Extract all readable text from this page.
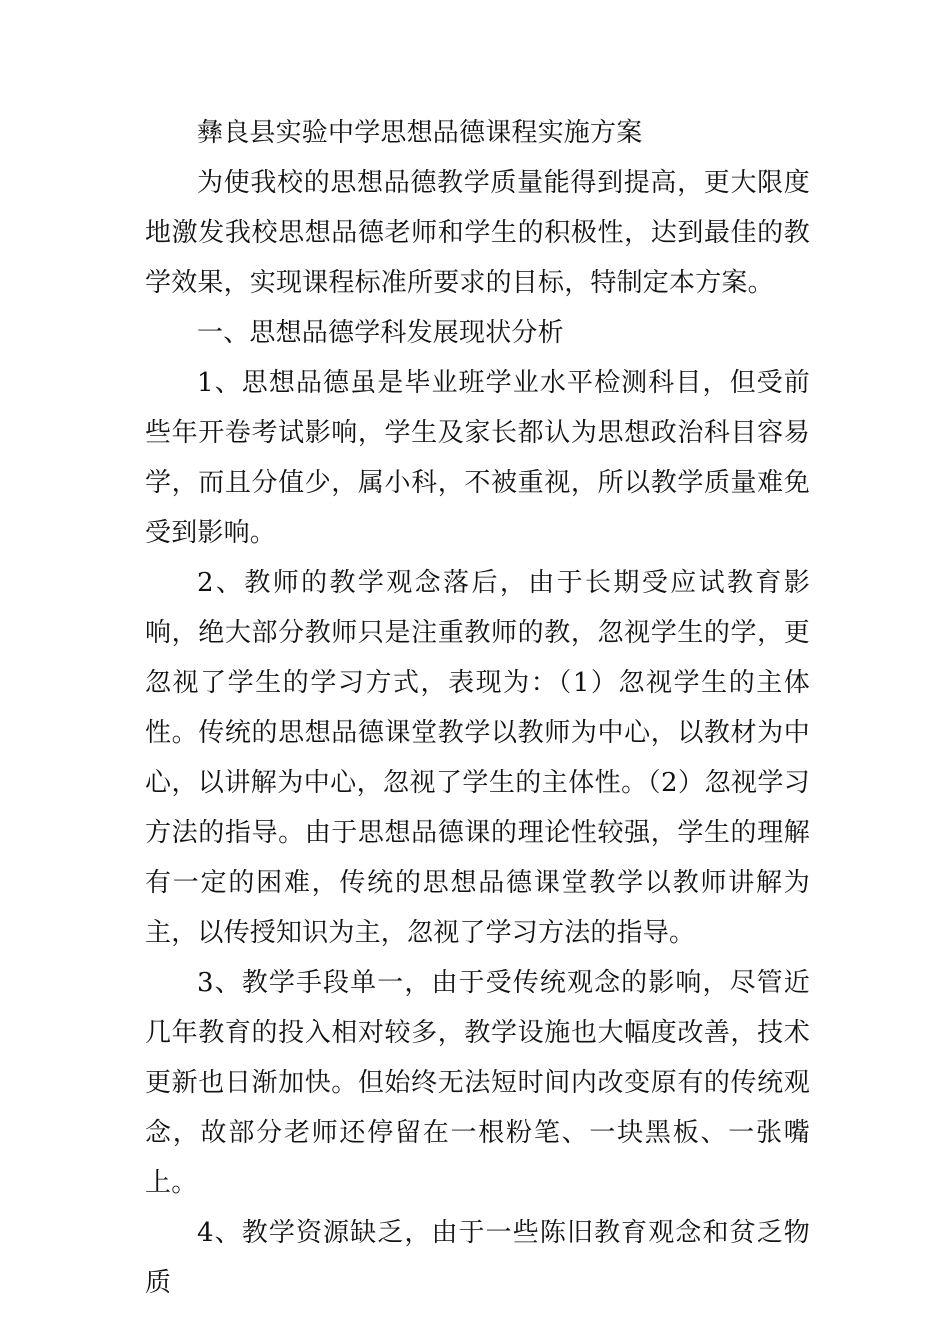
彝良县实验中学思想品德课程实施方案

为使我校的思想品德教学质量能得到提高，更大限度地激发我校思想品德老师和学生的积极性，达到最佳的教学效果，实现课程标准所要求的目标，特制定本方案。

一、思想品德学科发展现状分析

1、思想品德虽是毕业班学业水平检测科目，但受前些年开卷考试影响，学生及家长都认为思想政治科目容易学，而且分值少，属小科，不被重视，所以教学质量难免受到影响。

2、教师的教学观念落后，由于长期受应试教育影响，绝大部分教师只是注重教师的教，忽视学生的学，更忽视了学生的学习方式，表现为：（1）忽视学生的主体性。传统的思想品德课堂教学以教师为中心，以教材为中心，以讲解为中心，忽视了学生的主体性。（2）忽视学习方法的指导。由于思想品德课的理论性较强，学生的理解有一定的困难，传统的思想品德课堂教学以教师讲解为主，以传授知识为主，忽视了学习方法的指导。

3、教学手段单一，由于受传统观念的影响，尽管近几年教育的投入相对较多，教学设施也大幅度改善，技术更新也日渐加快。但始终无法短时间内改变原有的传统观念，故部分老师还停留在一根粉笔、一块黑板、一张嘴上。

4、教学资源缺乏，由于一些陈旧教育观念和贫乏物质
